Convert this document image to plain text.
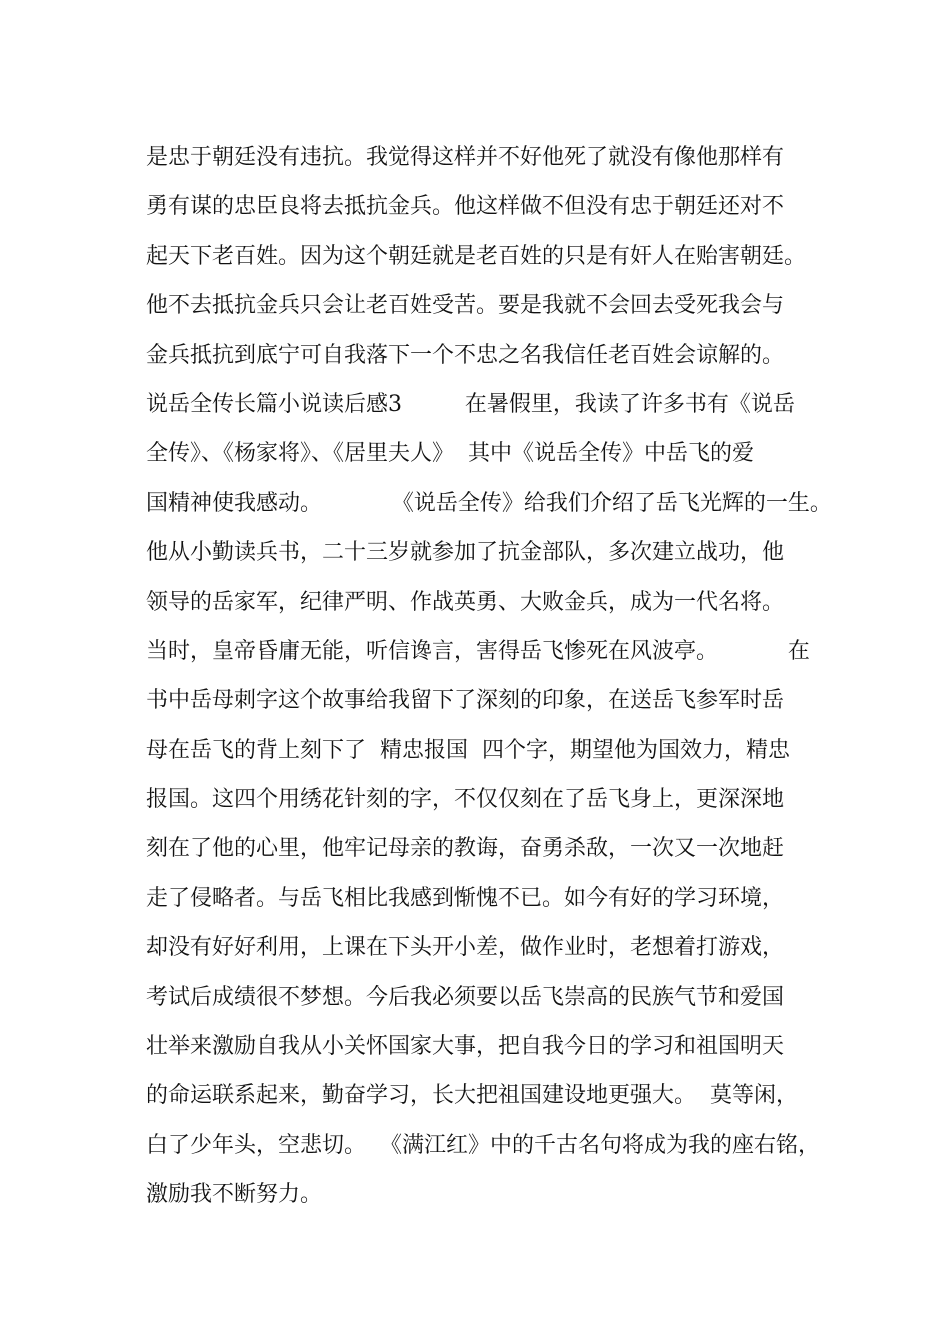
是忠于朝廷没有违抗。我觉得这样并不好他死了就没有像他那样有
勇有谋的忠臣良将去抵抗金兵。他这样做不但没有忠于朝廷还对不
起天下老百姓。因为这个朝廷就是老百姓的只是有奸人在贻害朝廷。
他不去抵抗金兵只会让老百姓受苦。要是我就不会回去受死我会与
金兵抵抗到底宁可自我落下一个不忠之名我信任老百姓会谅解的。
说岳全传长篇小说读后感3         在暑假里，我读了许多书有《说岳
全传》、《杨家将》、《居里夫人》  其中《说岳全传》中岳飞的爱
国精神使我感动。          《说岳全传》给我们介绍了岳飞光辉的一生。
他从小勤读兵书，二十三岁就参加了抗金部队，多次建立战功，他
领导的岳家军，纪律严明、作战英勇、大败金兵，成为一代名将。
当时，皇帝昏庸无能，听信谗言，害得岳飞惨死在风波亭。          在
书中岳母刺字这个故事给我留下了深刻的印象，在送岳飞参军时岳
母在岳飞的背上刻下了  精忠报国  四个字，期望他为国效力，精忠
报国。这四个用绣花针刻的字，不仅仅刻在了岳飞身上，更深深地
刻在了他的心里，他牢记母亲的教诲，奋勇杀敌，一次又一次地赶
走了侵略者。与岳飞相比我感到惭愧不已。如今有好的学习环境，
却没有好好利用，上课在下头开小差，做作业时，老想着打游戏，
考试后成绩很不梦想。今后我必须要以岳飞崇高的民族气节和爱国
壮举来激励自我从小关怀国家大事，把自我今日的学习和祖国明天
的命运联系起来，勤奋学习，长大把祖国建设地更强大。  莫等闲，
白了少年头，空悲切。  《满江红》中的千古名句将成为我的座右铭，
激励我不断努力。
